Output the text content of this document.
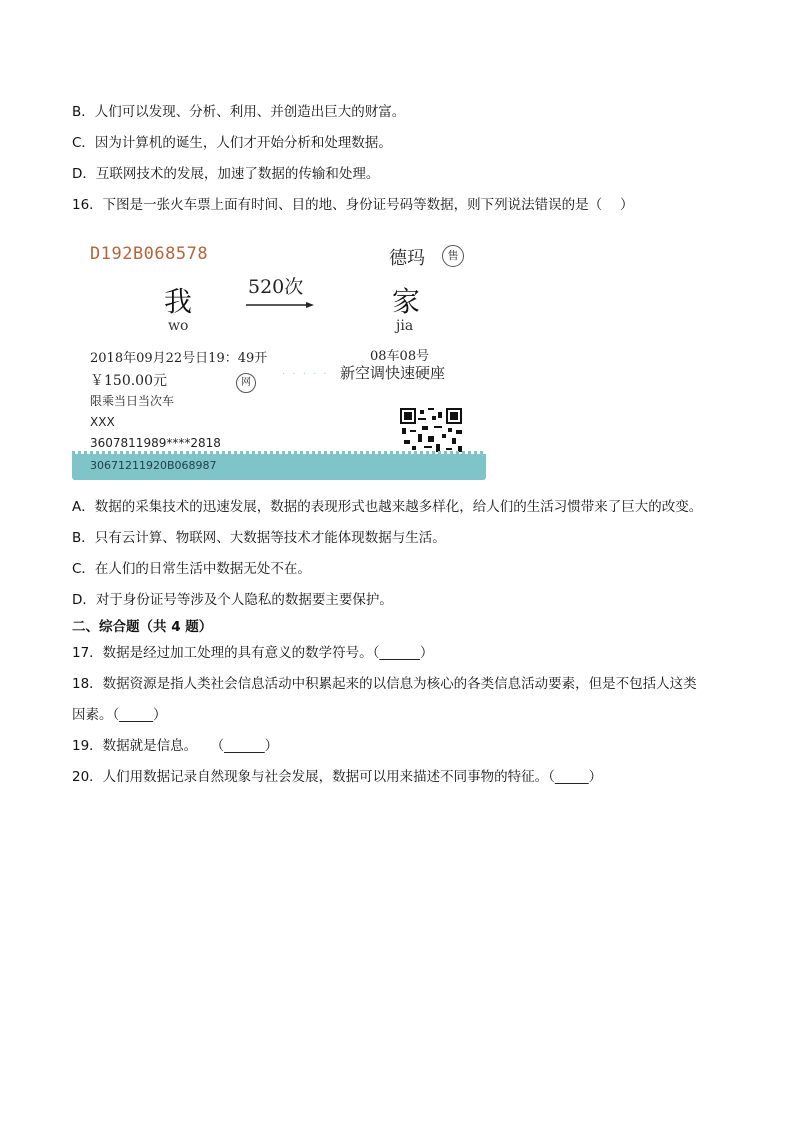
B．人们可以发现、分析、利用、并创造出巨大的财富。
C．因为计算机的诞生，人们才开始分析和处理数据。
D．互联网技术的发展，加速了数据的传输和处理。
16．下图是一张火车票上面有时间、目的地、身份证号码等数据，则下列说法错误的是（　 ）
D192B068578	德玛	售
我	520次	家
wo	jia
2018年09月22号日19：49开	08车08号
￥150.00元	网
· · · · · 新空调快速硬座
限乘当日当次车
XXX
3607811989****2818
30671211920B068987
A．数据的采集技术的迅速发展，数据的表现形式也越来越多样化，给人们的生活习惯带来了巨大的改变。
B．只有云计算、物联网、大数据等技术才能体现数据与生活。
C．在人们的日常生活中数据无处不在。
D．对于身份证号等涉及个人隐私的数据要主要保护。
二、综合题（共 4 题）
17．数据是经过加工处理的具有意义的数学符号。（______）
18．数据资源是指人类社会信息活动中积累起来的以信息为核心的各类信息活动要素，但是不包括人这类
因素。（_____）
19．数据就是信息。　　（______）
20．人们用数据记录自然现象与社会发展，数据可以用来描述不同事物的特征。（_____）
